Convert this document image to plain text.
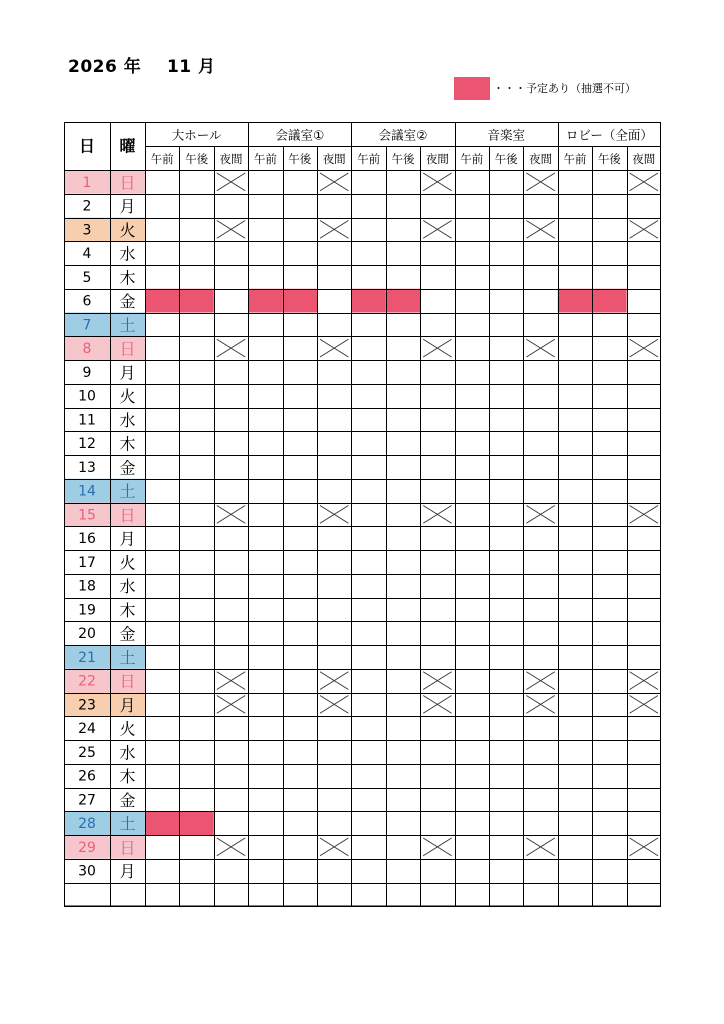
2026 年 11 月
・・・予定あり（抽選不可）
日 曜
大ホール
午前 午後 夜間
会議室①
午前 午後 夜間
会議室②
午前 午後 夜間
音楽室
午前 午後 夜間
ロビー（全面）
午前 午後 夜間
1 日
2 月
3 火
4 水
5 木
6 金
7 土
8 日
9 月
10 火
11 水
12 木
13 金
14 土
15 日
16 月
17 火
18 水
19 木
20 金
21 土
22 日
23 月
24 火
25 水
26 木
27 金
28 土
29 日
30 月
